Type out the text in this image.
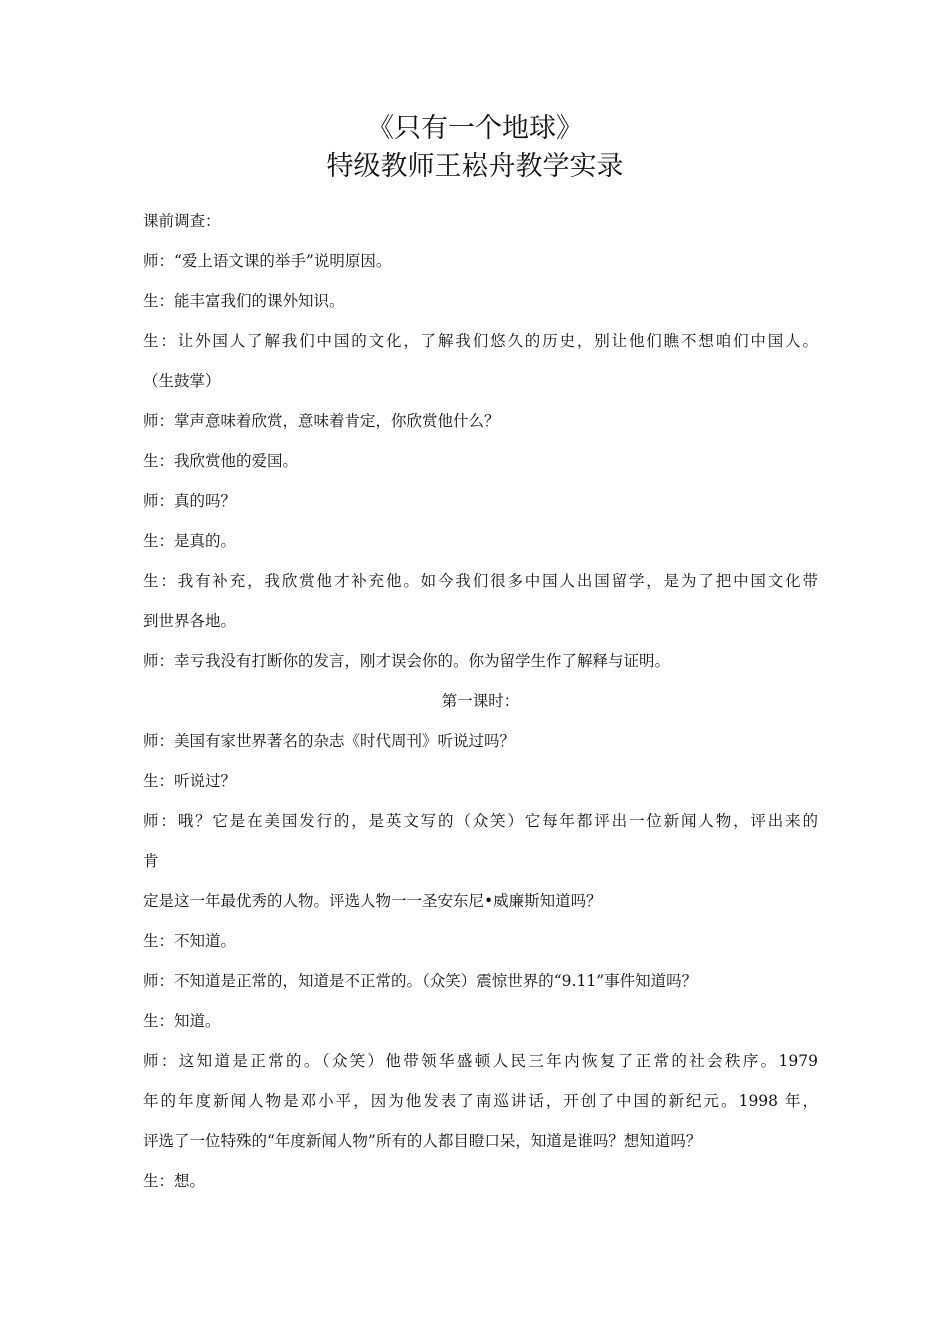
《只有一个地球》
特级教师王崧舟教学实录
课前调查：
师：“爱上语文课的举手”说明原因。
生：能丰富我们的课外知识。
生：让外国人了解我们中国的文化，了解我们悠久的历史，别让他们瞧不想咱们中国人。
（生鼓掌）
师：掌声意味着欣赏，意味着肯定，你欣赏他什么？
生：我欣赏他的爱国。
师：真的吗？
生：是真的。
生：我有补充，我欣赏他才补充他。如今我们很多中国人出国留学，是为了把中国文化带
到世界各地。
师：幸亏我没有打断你的发言，刚才误会你的。你为留学生作了解释与证明。
第一课时：
师：美国有家世界著名的杂志《时代周刊》听说过吗？
生：听说过？
师：哦？它是在美国发行的，是英文写的（众笑）它每年都评出一位新闻人物，评出来的
肯
定是这一年最优秀的人物。评选人物一一圣安东尼•威廉斯知道吗？
生：不知道。
师：不知道是正常的，知道是不正常的。（众笑）震惊世界的“9.11”事件知道吗？
生：知道。
师：这知道是正常的。（众笑）他带领华盛顿人民三年内恢复了正常的社会秩序。1979
年的年度新闻人物是邓小平，因为他发表了南巡讲话，开创了中国的新纪元。1998 年，
评选了一位特殊的“年度新闻人物”所有的人都目瞪口呆，知道是谁吗？想知道吗？
生：想。
